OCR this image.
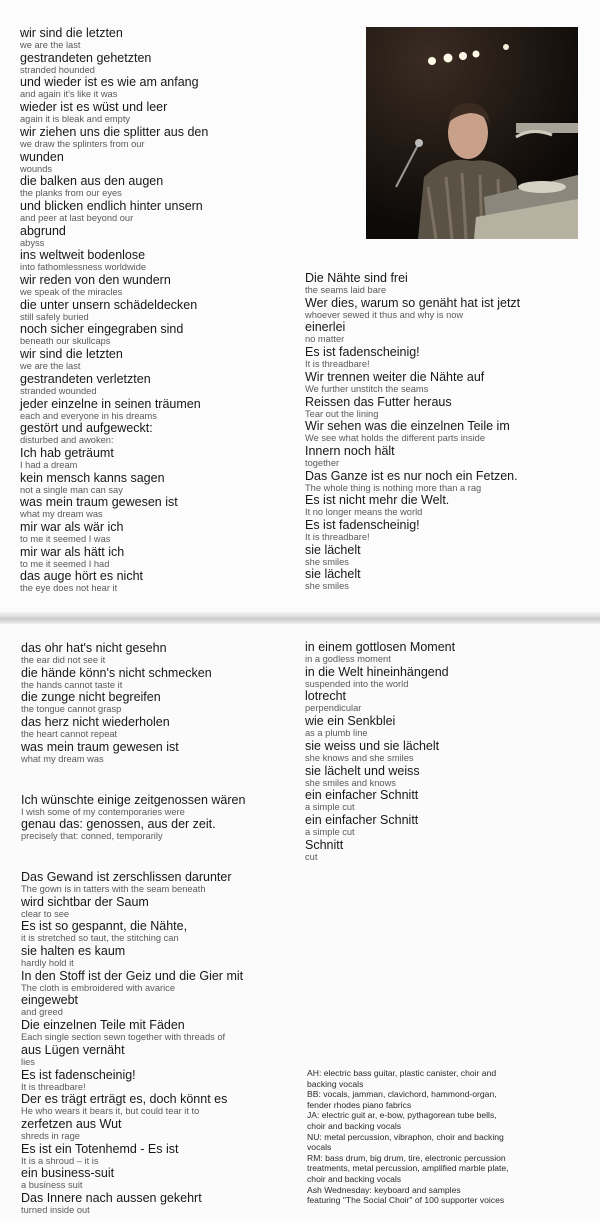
wir sind die letzten
we are the last
gestrandeten gehetzten
stranded hounded
und wieder ist es wie am anfang
and again it's like it was
wieder ist es wüst und leer
again it is bleak and empty
wir ziehen uns die splitter aus den
we draw the splinters from our
wunden
wounds
die balken aus den augen
the planks from our eyes
und blicken endlich hinter unsern
and peer at last beyond our
abgrund
abyss
ins weltweit bodenlose
into fathomlessness worldwide
wir reden von den wundern
we speak of the miracles
die unter unsern schädeldecken
still safely buried
noch sicher eingegraben sind
beneath our skullcaps
wir sind die letzten
we are the last
gestrandeten verletzten
stranded wounded
jeder einzelne in seinen träumen
each and everyone in his dreams
gestört und aufgeweckt:
disturbed and awoken:
Ich hab geträumt
I had a dream
kein mensch kanns sagen
not a single man can say
was mein traum gewesen ist
what my dream was
mir war als wär ich
to me it seemed I was
mir war als hätt ich
to me it seemed I had
das auge hört es nicht
the eye does not hear it
Die Nähte sind frei
the seams laid bare
Wer dies, warum so genäht hat ist jetzt
whoever sewed it thus and why is now
einerlei
no matter
Es ist fadenscheinig!
It is threadbare!
Wir trennen weiter die Nähte auf
We further unstitch the seams
Reissen das Futter heraus
Tear out the lining
Wir sehen was die einzelnen Teile im
We see what holds the different parts inside
Innern noch hält
together
Das Ganze ist es nur noch ein Fetzen.
The whole thing is nothing more than a rag
Es ist nicht mehr die Welt.
It no longer means the world
Es ist fadenscheinig!
It is threadbare!
sie lächelt
she smiles
sie lächelt
she smiles
das ohr hat's nicht gesehn
the ear did not see it
die hände könn's nicht schmecken
the hands cannot taste it
die zunge nicht begreifen
the tongue cannot grasp
das herz nicht wiederholen
the heart cannot repeat
was mein traum gewesen ist
what my dream was
Ich wünschte einige zeitgenossen wären
I wish some of my contemporaries were
genau das: genossen, aus der zeit.
precisely that: conned, temporarily
Das Gewand ist zerschlissen darunter
The gown is in tatters with the seam beneath
wird sichtbar der Saum
clear to see
Es ist so gespannt, die Nähte,
it is stretched so taut, the stitching can
sie halten es kaum
hardly hold it
In den Stoff ist der Geiz und die Gier mit
The cloth is embroidered with avarice
eingewebt
and greed
Die einzelnen Teile mit Fäden
Each single section sewn together with threads of
aus Lügen vernäht
lies
Es ist fadenscheinig!
It is threadbare!
Der es trägt erträgt es, doch könnt es
He who wears it bears it, but could tear it to
zerfetzen aus Wut
shreds in rage
Es ist ein Totenhemd - Es ist
It is a shroud – it is
ein business-suit
a business suit
Das Innere nach aussen gekehrt
turned inside out
in einem gottlosen Moment
in a godless moment
in die Welt hineinhängend
suspended into the world
lotrecht
perpendicular
wie ein Senkblei
as a plumb line
sie weiss und sie lächelt
she knows and she smiles
sie lächelt und weiss
she smiles and knows
ein einfacher Schnitt
a simple cut
ein einfacher Schnitt
a simple cut
Schnitt
cut
AH: electric bass guitar, plastic canister, choir and
backing vocals
BB: vocals, jamman, clavichord, hammond-organ,
fender rhodes piano fabrics
JA: electric guit ar, e-bow, pythagorean tube bells,
choir and backing vocals
NU: metal percussion, vibraphon, choir and backing
vocals
RM: bass drum, big drum, tire, electronic percussion
treatments, metal percussion, amplified marble plate,
choir and backing vocals
Ash Wednesday: keyboard and samples
featuring "The Social Choir" of 100 supporter voices
